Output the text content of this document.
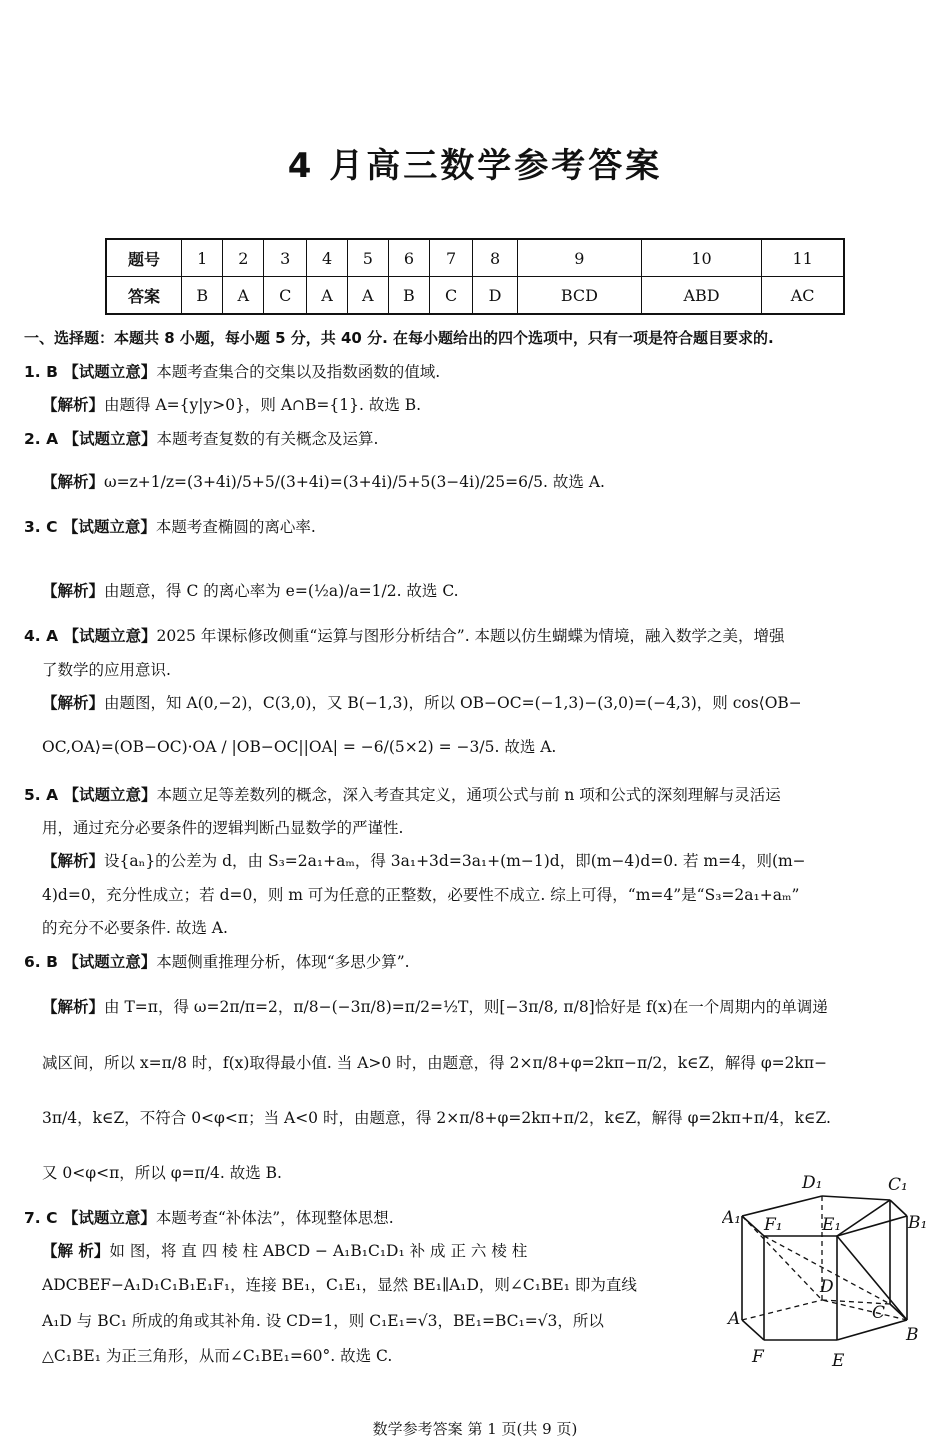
4 月高三数学参考答案
题号	1	2	3	4	5	6	7	8	9	10	11
答案	B	A	C	A	A	B	C	D	BCD	ABD	AC
一、选择题：本题共 8 小题，每小题 5 分，共 40 分. 在每小题给出的四个选项中，只有一项是符合题目要求的.
1. B 【试题立意】本题考查集合的交集以及指数函数的值域.
【解析】由题得 A={y|y>0}，则 A∩B={1}. 故选 B.
2. A 【试题立意】本题考查复数的有关概念及运算.
【解析】ω=z+1/z=(3+4i)/5+5/(3+4i)=(3+4i)/5+5(3−4i)/25=6/5. 故选 A.
3. C 【试题立意】本题考查椭圆的离心率.
【解析】由题意，得 C 的离心率为 e=(½a)/a=1/2. 故选 C.
4. A 【试题立意】2025 年课标修改侧重“运算与图形分析结合”. 本题以仿生蝴蝶为情境，融入数学之美，增强
了数学的应用意识.
【解析】由题图，知 A(0,−2)，C(3,0)，又 B(−1,3)，所以 OB−OC=(−1,3)−(3,0)=(−4,3)，则 cos⟨OB−
OC,OA⟩=(OB−OC)·OA / |OB−OC||OA| = −6/(5×2) = −3/5. 故选 A.
5. A 【试题立意】本题立足等差数列的概念，深入考查其定义，通项公式与前 n 项和公式的深刻理解与灵活运
用，通过充分必要条件的逻辑判断凸显数学的严谨性.
【解析】设{aₙ}的公差为 d，由 S₃=2a₁+aₘ，得 3a₁+3d=3a₁+(m−1)d，即(m−4)d=0. 若 m=4，则(m−
4)d=0，充分性成立；若 d=0，则 m 可为任意的正整数，必要性不成立. 综上可得，“m=4”是“S₃=2a₁+aₘ”
的充分不必要条件. 故选 A.
6. B 【试题立意】本题侧重推理分析，体现“多思少算”.
【解析】由 T=π，得 ω=2π/π=2，π/8−(−3π/8)=π/2=½T，则[−3π/8, π/8]恰好是 f(x)在一个周期内的单调递
减区间，所以 x=π/8 时，f(x)取得最小值. 当 A>0 时，由题意，得 2×π/8+φ=2kπ−π/2，k∈Z，解得 φ=2kπ−
3π/4，k∈Z，不符合 0<φ<π；当 A<0 时，由题意，得 2×π/8+φ=2kπ+π/2，k∈Z，解得 φ=2kπ+π/4，k∈Z.
又 0<φ<π，所以 φ=π/4. 故选 B.
7. C 【试题立意】本题考查“补体法”，体现整体思想.
【解 析】如 图，将 直 四 棱 柱 ABCD − A₁B₁C₁D₁ 补 成 正 六 棱 柱
ADCBEF−A₁D₁C₁B₁E₁F₁，连接 BE₁，C₁E₁，显然 BE₁∥A₁D，则∠C₁BE₁ 即为直线
A₁D 与 BC₁ 所成的角或其补角. 设 CD=1，则 C₁E₁=√3，BE₁=BC₁=√3，所以
△C₁BE₁ 为正三角形，从而∠C₁BE₁=60°. 故选 C.
D₁	C₁
A₁ F₁ E₁	B₁
D
A	C
B
F	E
数学参考答案 第 1 页(共 9 页)
